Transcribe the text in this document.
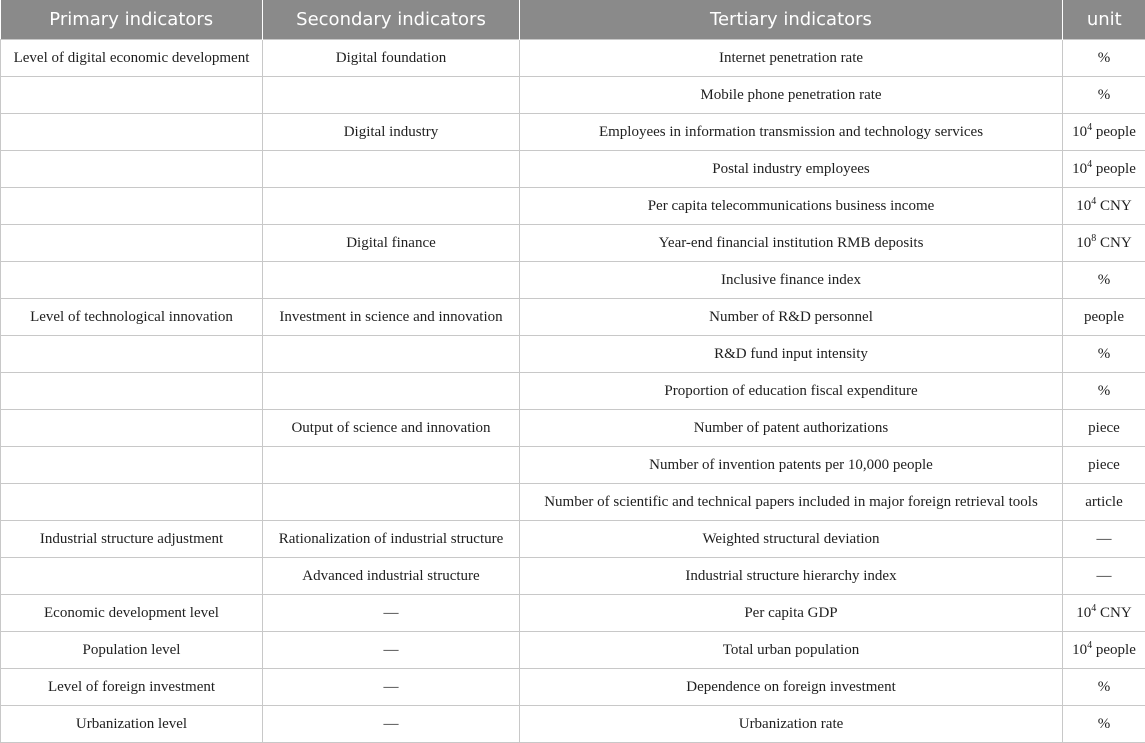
Primary indicators	Secondary indicators	Tertiary indicators	unit
Level of digital economic development	Digital foundation	Internet penetration rate	%
		Mobile phone penetration rate	%
	Digital industry	Employees in information transmission and technology services	$10^4$ people
		Postal industry employees	$10^4$ people
		Per capita telecommunications business income	$10^4$ CNY
	Digital finance	Year-end financial institution RMB deposits	$10^8$ CNY
		Inclusive finance index	%
Level of technological innovation	Investment in science and innovation	Number of R&D personnel	people
		R&D fund input intensity	%
		Proportion of education fiscal expenditure	%
	Output of science and innovation	Number of patent authorizations	piece
		Number of invention patents per 10,000 people	piece
		Number of scientific and technical papers included in major foreign retrieval tools	article
Industrial structure adjustment	Rationalization of industrial structure	Weighted structural deviation	—
	Advanced industrial structure	Industrial structure hierarchy index	—
Economic development level	—	Per capita GDP	$10^4$ CNY
Population level	—	Total urban population	$10^4$ people
Level of foreign investment	—	Dependence on foreign investment	%
Urbanization level	—	Urbanization rate	%
